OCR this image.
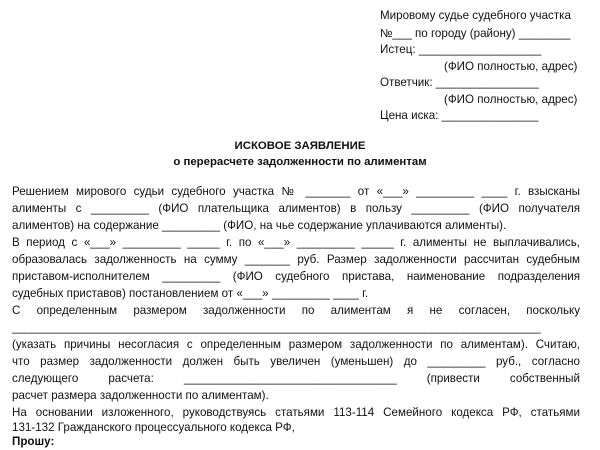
Мировому судье судебного участка
№___ по городу (району) ________
Истец: ___________________
(ФИО полностью, адрес)
Ответчик: ________________
(ФИО полностью, адрес)
Цена иска: _______________
ИСКОВОЕ ЗАЯВЛЕНИЕ
о перерасчете задолженности по алиментам
Решением мирового судьи судебного участка № _______ от «___» _________ ____ г. взысканы
алименты с _________ (ФИО плательщика алиментов) в пользу _________ (ФИО получателя
алиментов) на содержание _________ (ФИО, на чье содержание уплачиваются алименты).
В период с «___» _________ _____ г. по «___» _________ _____ г. алименты не выплачивались,
образовалась задолженность на сумму _______ руб. Размер задолженности рассчитан судебным
приставом-исполнителем _________ (ФИО судебного пристава, наименование подразделения
судебных приставов) постановлением от «___» _________ ____ г.
С определенным размером задолженности по алиментам я не согласен, поскольку
__________________________________________________________________________________
(указать причины несогласия с определенным размером задолженности по алиментам). Считаю,
что размер задолженности должен быть увеличен (уменьшен) до _________ руб., согласно
следующего расчета: _________________________________ (привести собственный
расчет размера задолженности по алиментам).
На основании изложенного, руководствуясь статьями 113-114 Семейного кодекса РФ, статьями
131-132 Гражданского процессуального кодекса РФ,
Прошу:
